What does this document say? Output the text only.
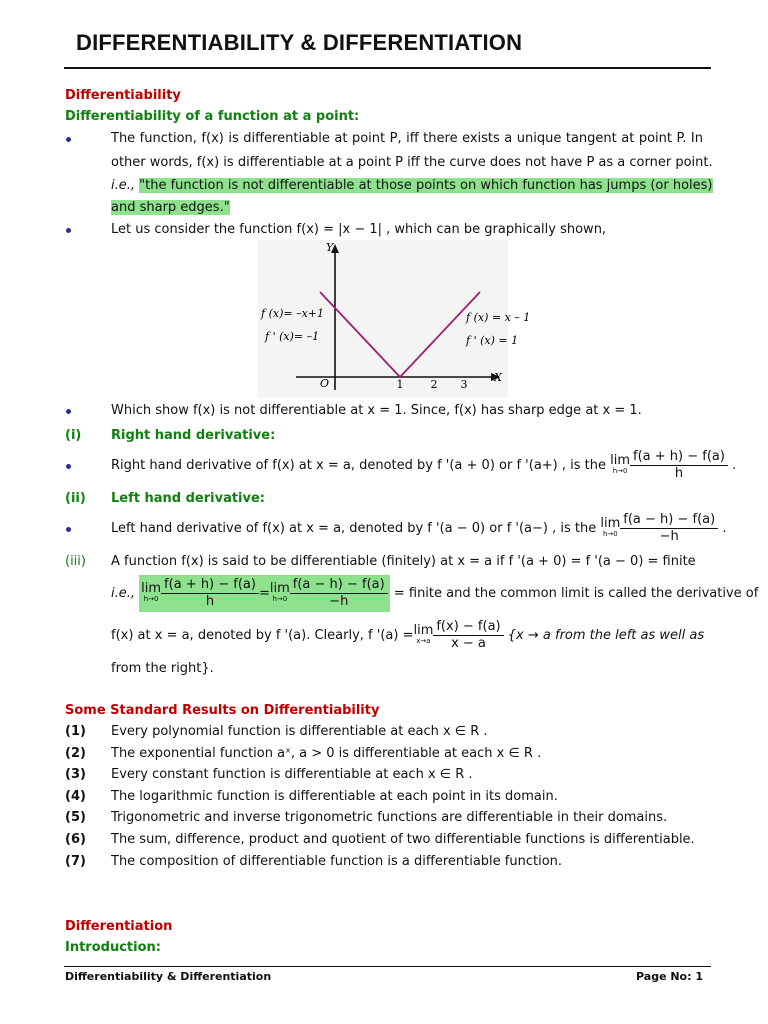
DIFFERENTIABILITY & DIFFERENTIATION
Differentiability
Differentiability of a function at a point:
The function, f(x) is differentiable at point P, iff there exists a unique tangent at point P. In
other words, f(x) is differentiable at a point P iff the curve does not have P as a corner point.
i.e., "the function is not differentiable at those points on which function has jumps (or holes)
and sharp edges."
Let us consider the function f(x) = |x − 1| , which can be graphically shown,
Y
X
O	1 2 3
f (x)= –x+1
f ' (x)= –1
f (x) = x – 1
f ' (x) = 1
Which show f(x) is not differentiable at x = 1. Since, f(x) has sharp edge at x = 1.
(i) Right hand derivative:
Right hand derivative of f(x) at x = a, denoted by f '(a + 0) or f '(a+) , is the lim
$h\to 0 \frac{f(a + h) - f(a)}{h}$ .
(ii) Left hand derivative:
Left hand derivative of f(x) at x = a, denoted by f '(a − 0) or f '(a−) , is the lim
$h\to 0 \frac{f(a - h) - f(a)}{-h}$ .
(iii) A function f(x) is said to be differentiable (finitely) at x = a if f '(a + 0) = f '(a − 0) = finite
i.e., lim
$h\to 0 \frac{f(a + h) - f(a)}{h} = \lim$
$h\to 0 \frac{f(a - h) - f(a)}{-h}$ = finite and the common limit is called the derivative of
f(x) at x = a, denoted by f '(a). Clearly, f '(a) = lim
$x\to a \frac{f(x) - f(a)}{x - a} \{x \to a$ from the left as well as
from the right}.
Some Standard Results on Differentiability
(1) Every polynomial function is differentiable at each x ∈ R .
(2) The exponential function aˣ, a > 0 is differentiable at each x ∈ R .
(3) Every constant function is differentiable at each x ∈ R .
(4) The logarithmic function is differentiable at each point in its domain.
(5) Trigonometric and inverse trigonometric functions are differentiable in their domains.
(6) The sum, difference, product and quotient of two differentiable functions is differentiable.
(7) The composition of differentiable function is a differentiable function.
Differentiation
Introduction:
Differentiability & Differentiation	Page No: 1
